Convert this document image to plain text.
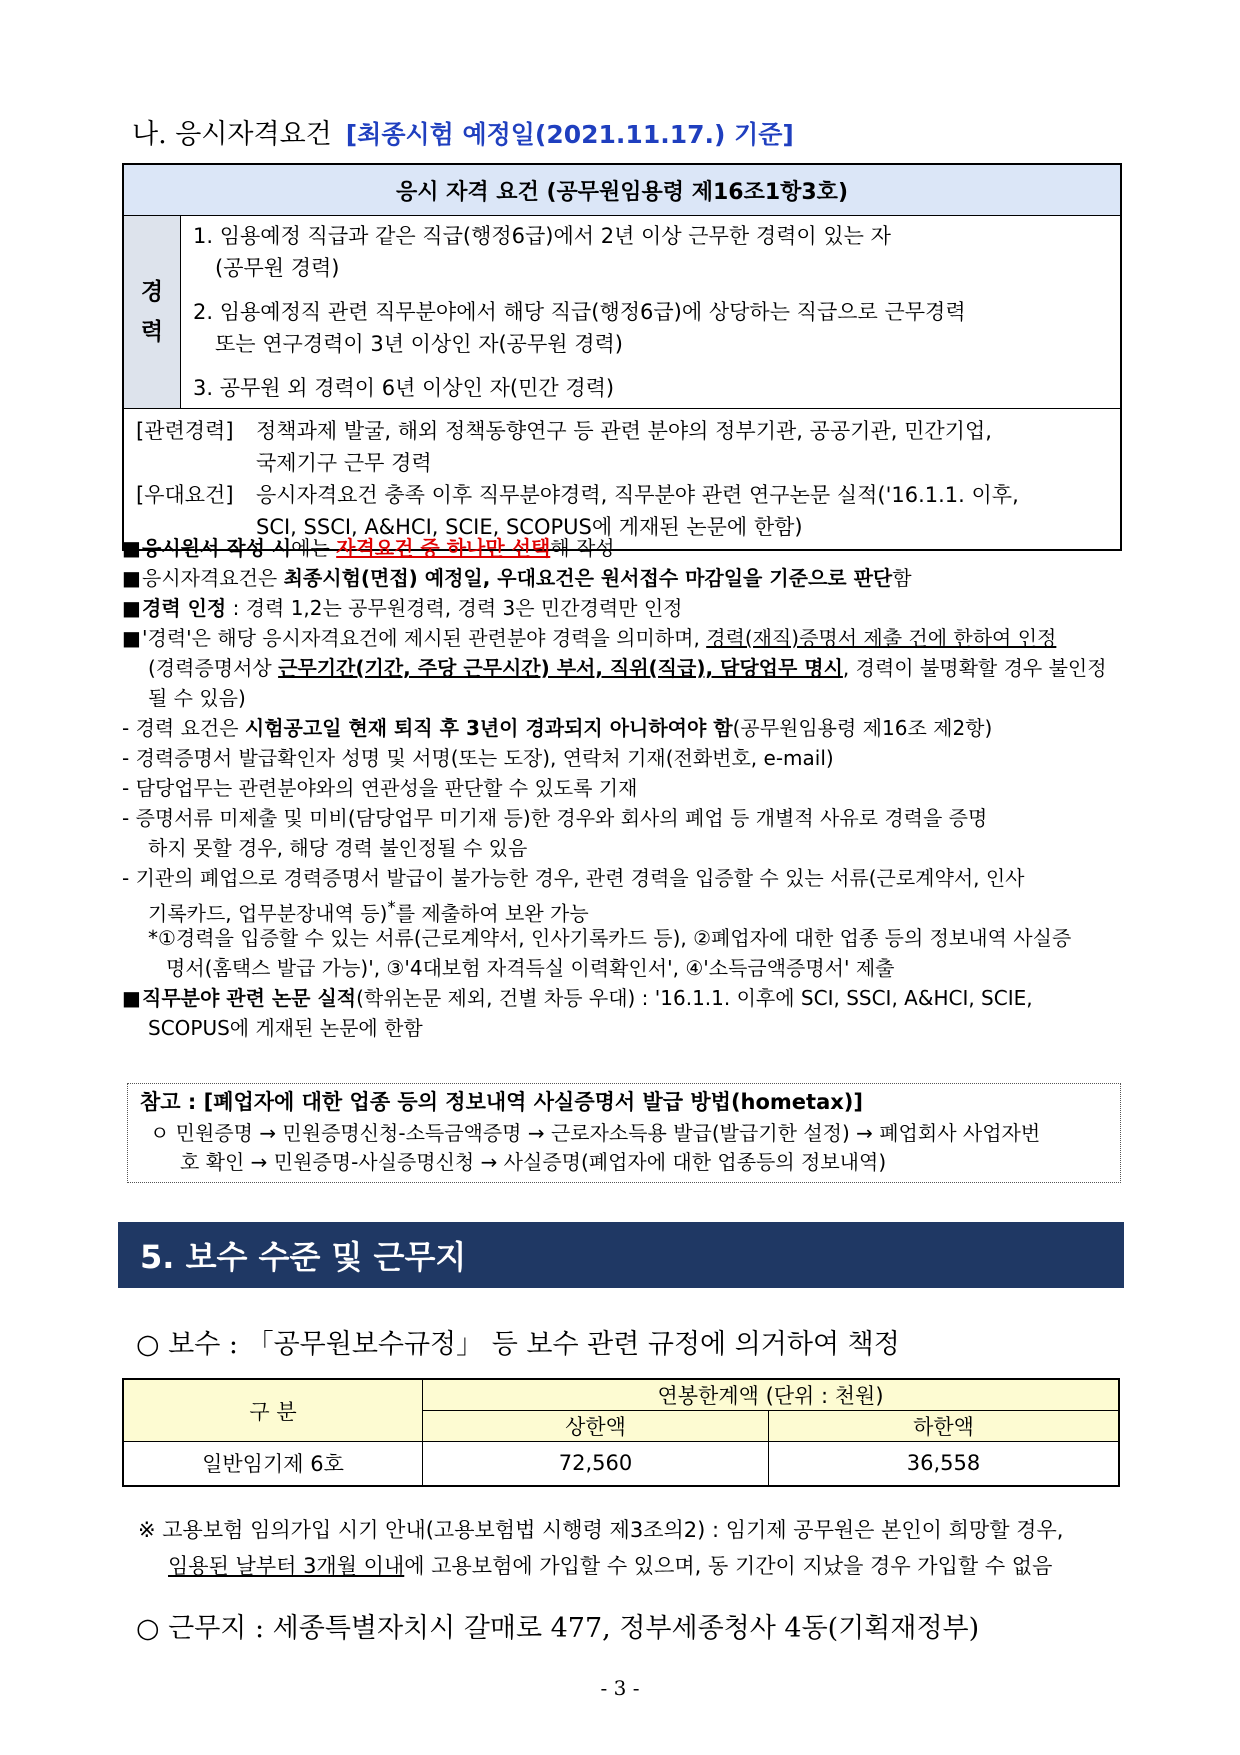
나. 응시자격요건 [최종시험 예정일(2021.11.17.) 기준]
응시 자격 요건 (공무원임용령 제16조1항3호)
경
력
1. 임용예정 직급과 같은 직급(행정6급)에서 2년 이상 근무한 경력이 있는 자
(공무원 경력)
2. 임용예정직 관련 직무분야에서 해당 직급(행정6급)에 상당하는 직급으로 근무경력
또는 연구경력이 3년 이상인 자(공무원 경력)
3. 공무원 외 경력이 6년 이상인 자(민간 경력)
[관련경력]	정책과제 발굴, 해외 정책동향연구 등 관련 분야의 정부기관, 공공기관, 민간기업,
국제기구 근무 경력
[우대요건]	응시자격요건 충족 이후 직무분야경력, 직무분야 관련 연구논문 실적('16.1.1. 이후,
SCI, SSCI, A&HCI, SCIE, SCOPUS에 게재된 논문에 한함)
■응시원서 작성 시에는 자격요건 중 하나만 선택해 작성
■응시자격요건은 최종시험(면접) 예정일, 우대요건은 원서접수 마감일을 기준으로 판단함
■경력 인정 : 경력 1,2는 공무원경력, 경력 3은 민간경력만 인정
■'경력'은 해당 응시자격요건에 제시된 관련분야 경력을 의미하며, 경력(재직)증명서 제출 건에 한하여 인정
(경력증명서상 근무기간(기간, 주당 근무시간) 부서, 직위(직급), 담당업무 명시, 경력이 불명확할 경우 불인정
될 수 있음)
- 경력 요건은 시험공고일 현재 퇴직 후 3년이 경과되지 아니하여야 함(공무원임용령 제16조 제2항)
- 경력증명서 발급확인자 성명 및 서명(또는 도장), 연락처 기재(전화번호, e-mail)
- 담당업무는 관련분야와의 연관성을 판단할 수 있도록 기재
- 증명서류 미제출 및 미비(담당업무 미기재 등)한 경우와 회사의 폐업 등 개별적 사유로 경력을 증명
하지 못할 경우, 해당 경력 불인정될 수 있음
- 기관의 폐업으로 경력증명서 발급이 불가능한 경우, 관련 경력을 입증할 수 있는 서류(근로계약서, 인사
기록카드, 업무분장내역 등)*를 제출하여 보완 가능
*①경력을 입증할 수 있는 서류(근로계약서, 인사기록카드 등), ②폐업자에 대한 업종 등의 정보내역 사실증
명서(홈택스 발급 가능)', ③'4대보험 자격득실 이력확인서', ④'소득금액증명서' 제출
■직무분야 관련 논문 실적(학위논문 제외, 건별 차등 우대) : '16.1.1. 이후에 SCI, SSCI, A&HCI, SCIE,
SCOPUS에 게재된 논문에 한함
참고 : [폐업자에 대한 업종 등의 정보내역 사실증명서 발급 방법(hometax)]
ㅇ 민원증명 → 민원증명신청-소득금액증명 → 근로자소득용 발급(발급기한 설정) → 폐업회사 사업자번
호 확인 → 민원증명-사실증명신청 → 사실증명(폐업자에 대한 업종등의 정보내역)
5. 보수 수준 및 근무지
○ 보수 : 「공무원보수규정」 등 보수 관련 규정에 의거하여 책정
구 분	연봉한계액 (단위 : 천원)	
	상한액	하한액
일반임기제 6호	72,560	36,558
※ 고용보험 임의가입 시기 안내(고용보험법 시행령 제3조의2) : 임기제 공무원은 본인이 희망할 경우,
임용된 날부터 3개월 이내에 고용보험에 가입할 수 있으며, 동 기간이 지났을 경우 가입할 수 없음
○ 근무지 : 세종특별자치시 갈매로 477, 정부세종청사 4동(기획재정부)
- 3 -
